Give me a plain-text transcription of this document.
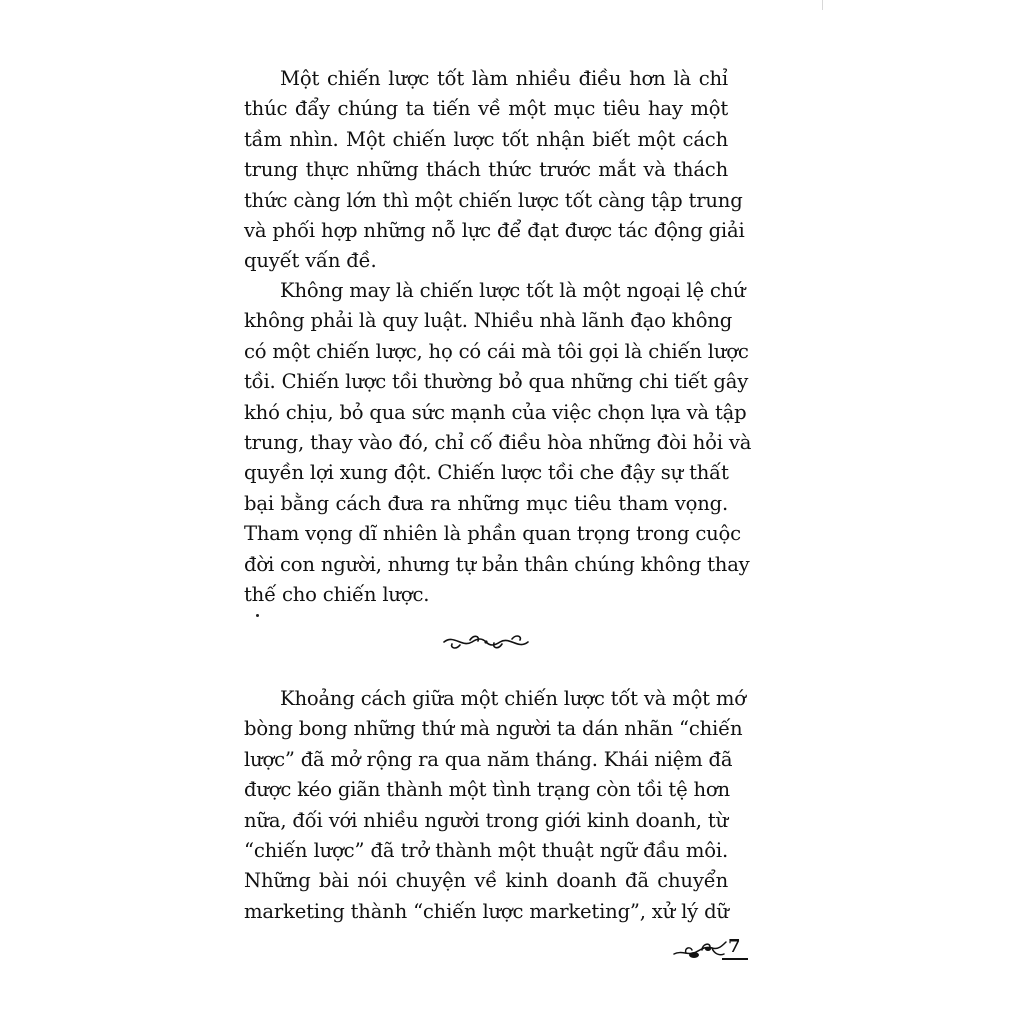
Một chiến lược tốt làm nhiều điều hơn là chỉ
thúc đẩy chúng ta tiến về một mục tiêu hay một
tầm nhìn. Một chiến lược tốt nhận biết một cách
trung thực những thách thức trước mắt và thách
thức càng lớn thì một chiến lược tốt càng tập trung
và phối hợp những nỗ lực để đạt được tác động giải
quyết vấn đề.
Không may là chiến lược tốt là một ngoại lệ chứ
không phải là quy luật. Nhiều nhà lãnh đạo không
có một chiến lược, họ có cái mà tôi gọi là chiến lược
tồi. Chiến lược tồi thường bỏ qua những chi tiết gây
khó chịu, bỏ qua sức mạnh của việc chọn lựa và tập
trung, thay vào đó, chỉ cố điều hòa những đòi hỏi và
quyền lợi xung đột. Chiến lược tồi che đậy sự thất
bại bằng cách đưa ra những mục tiêu tham vọng.
Tham vọng dĩ nhiên là phần quan trọng trong cuộc
đời con người, nhưng tự bản thân chúng không thay
thế cho chiến lược.
Khoảng cách giữa một chiến lược tốt và một mớ
bòng bong những thứ mà người ta dán nhãn “chiến
lược” đã mở rộng ra qua năm tháng. Khái niệm đã
được kéo giãn thành một tình trạng còn tồi tệ hơn
nữa, đối với nhiều người trong giới kinh doanh, từ
“chiến lược” đã trở thành một thuật ngữ đầu môi.
Những bài nói chuyện về kinh doanh đã chuyển
marketing thành “chiến lược marketing”, xử lý dữ
7
